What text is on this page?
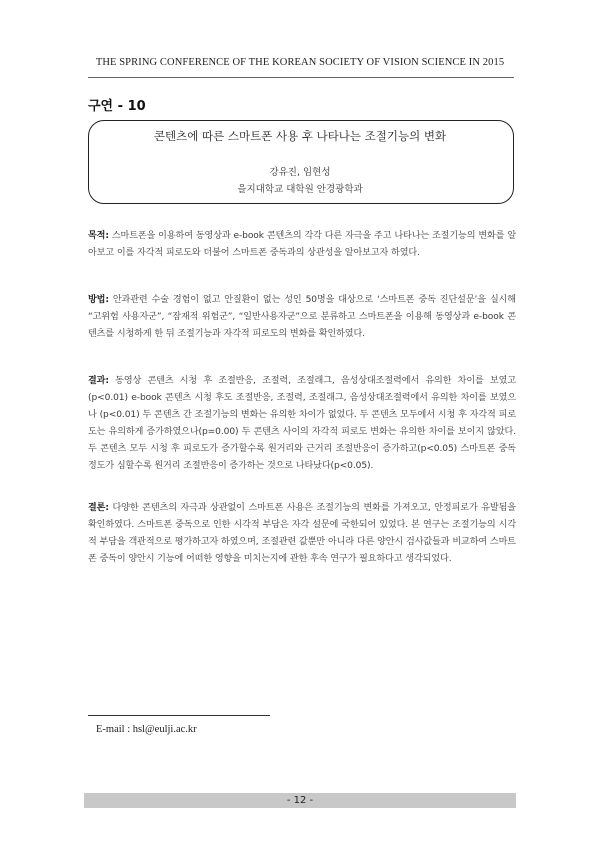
THE SPRING CONFERENCE OF THE KOREAN SOCIETY OF VISION SCIENCE IN 2015
구연 - 10
콘텐츠에 따른 스마트폰 사용 후 나타나는 조절기능의 변화
강유진, 임현성
을지대학교 대학원 안경광학과
목적: 스마트폰을 이용하여 동영상과 e-book 콘텐츠의 각각 다른 자극을 주고 나타나는 조절기능의 변화를 알아보고 이를 자각적 피로도와 더불어 스마트폰 중독과의 상관성을 알아보고자 하였다.
방법: 안과관련 수술 경험이 없고 안질환이 없는 성인 50명을 대상으로 ‘스마트폰 중독 진단설문’을 실시해 “고위험 사용자군”, “잠재적 위험군”, “일반사용자군”으로 분류하고 스마트폰을 이용해 동영상과 e-book 콘텐츠를 시청하게 한 뒤 조절기능과 자각적 피로도의 변화를 확인하였다.
결과: 동영상 콘텐츠 시청 후 조절반응, 조절력, 조절래그, 음성상대조절력에서 유의한 차이를 보였고(p<0.01) e-book 콘텐츠 시청 후도 조절반응, 조절력, 조절래그, 음성상대조절력에서 유의한 차이를 보였으나 (p<0.01) 두 콘텐츠 간 조절기능의 변화는 유의한 차이가 없었다. 두 콘텐츠 모두에서 시청 후 자각적 피로도는 유의하게 증가하였으나(p=0.00) 두 콘텐츠 사이의 자각적 피로도 변화는 유의한 차이를 보이지 않았다. 두 콘텐츠 모두 시청 후 피로도가 증가할수록 원거리와 근거리 조절반응이 증가하고(p<0.05) 스마트폰 중독 정도가 심할수록 원거리 조절반응이 증가하는 것으로 나타났다(p<0.05).
결론: 다양한 콘텐츠의 자극과 상관없이 스마트폰 사용은 조절기능의 변화를 가져오고, 안정피로가 유발됨을 확인하였다. 스마트폰 중독으로 인한 시각적 부담은 자각 설문에 국한되어 있었다. 본 연구는 조절기능의 시각적 부담을 객관적으로 평가하고자 하였으며, 조절관련 값뿐만 아니라 다른 양안시 검사값들과 비교하여 스마트폰 중독이 양안시 기능에 어떠한 영향을 미치는지에 관한 후속 연구가 필요하다고 생각되었다.
E-mail : hsl@eulji.ac.kr
- 12 -
